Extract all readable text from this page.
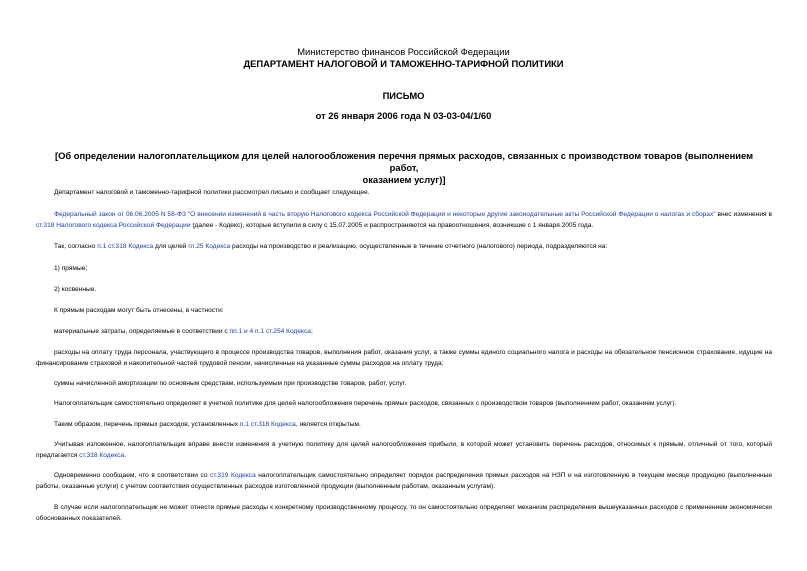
Министерство финансов Российской Федерации
ДЕПАРТАМЕНТ НАЛОГОВОЙ И ТАМОЖЕННО-ТАРИФНОЙ ПОЛИТИКИ
ПИСЬМО
от 26 января 2006 года N 03-03-04/1/60
[Об определении налогоплательщиком для целей налогообложения перечня прямых расходов, связанных с производством товаров (выполнением работ,
оказанием услуг)]
Департамент налоговой и таможенно-тарифной политики рассмотрел письмо и сообщает следующее.
Федеральный закон от 06.06.2005 N 58-ФЗ "О внесении изменений в часть вторую Налогового кодекса Российской Федерации и некоторые другие законодательные акты Российской Федерации о налогах и сборах" внес изменения в ст.318 Налогового кодекса Российской Федерации (далее - Кодекс), которые вступили в силу с 15.07.2005 и распространяются на правоотношения, возникшие с 1 января 2005 года.
Так, согласно п.1 ст.318 Кодекса для целей гл.25 Кодекса расходы на производство и реализацию, осуществленные в течение отчетного (налогового) периода, подразделяются на:
1) прямые;
2) косвенные.
К прямым расходам могут быть отнесены, в частности:
материальные затраты, определяемые в соответствии с пп.1 и 4 п.1 ст.254 Кодекса;
расходы на оплату труда персонала, участвующего в процессе производства товаров, выполнения работ, оказания услуг, а также суммы единого социального налога и расходы на обязательное пенсионное страхование, идущие на финансирование страховой и накопительной частей трудовой пенсии, начисленные на указанные суммы расходов на оплату труда;
суммы начисленной амортизации по основным средствам, используемым при производстве товаров, работ, услуг.
Налогоплательщик самостоятельно определяет в учетной политике для целей налогообложения перечень прямых расходов, связанных с производством товаров (выполнением работ, оказанием услуг).
Таким образом, перечень прямых расходов, установленных п.1 ст.318 Кодекса, является открытым.
Учитывая изложенное, налогоплательщик вправе внести изменения в учетную политику для целей налогообложения прибыли, в которой может установить перечень расходов, относимых к прямым, отличный от того, который предлагается ст.318 Кодекса.
Одновременно сообщаем, что в соответствии со ст.319 Кодекса налогоплательщик самостоятельно определяет порядок распределения прямых расходов на НЗП и на изготовленную в текущем месяце продукцию (выполненные работы, оказанные услуги) с учетом соответствия осуществленных расходов изготовленной продукции (выполненным работам, оказанным услугам).
В случае если налогоплательщик не может отнести прямые расходы к конкретному производственному процессу, то он самостоятельно определяет механизм распределения вышеуказанных расходов с применением экономически обоснованных показателей.
